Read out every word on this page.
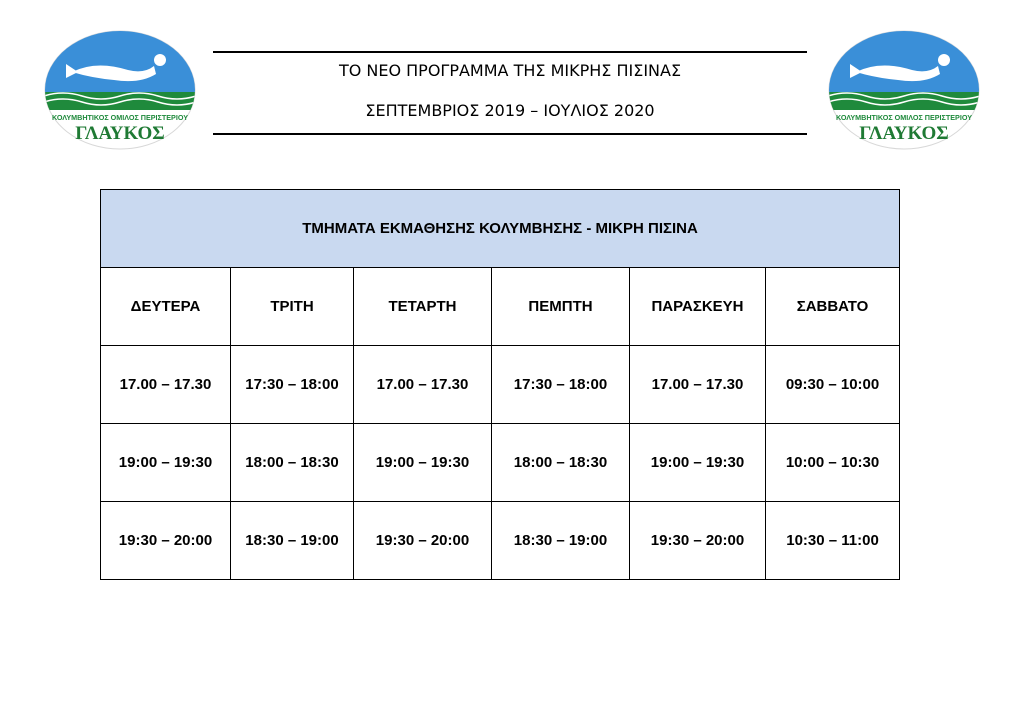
ΚΟΛΥΜΒΗΤΙΚΟΣ ΟΜΙΛΟΣ ΠΕΡΙΣΤΕΡΙΟΥ
ΓΛΑΥΚΟΣ
ΚΟΛΥΜΒΗΤΙΚΟΣ ΟΜΙΛΟΣ ΠΕΡΙΣΤΕΡΙΟΥ
ΓΛΑΥΚΟΣ
ΤΟ ΝΕΟ ΠΡΟΓΡΑΜΜΑ ΤΗΣ ΜΙΚΡΗΣ ΠΙΣΙΝΑΣ
ΣΕΠΤΕΜΒΡΙΟΣ 2019 – ΙΟΥΛΙΟΣ 2020
ΤΜΗΜΑΤΑ ΕΚΜΑΘΗΣΗΣ ΚΟΛΥΜΒΗΣΗΣ - ΜΙΚΡΗ ΠΙΣΙΝΑ					
ΔΕΥΤΕΡΑ	ΤΡΙΤΗ	ΤΕΤΑΡΤΗ	ΠΕΜΠΤΗ	ΠΑΡΑΣΚΕΥΗ	ΣΑΒΒΑΤΟ
17.00 – 17.30	17:30 – 18:00	17.00 – 17.30	17:30 – 18:00	17.00 – 17.30	09:30 – 10:00
19:00 – 19:30	18:00 – 18:30	19:00 – 19:30	18:00 – 18:30	19:00 – 19:30	10:00 – 10:30
19:30 – 20:00	18:30 – 19:00	19:30 – 20:00	18:30 – 19:00	19:30 – 20:00	10:30 – 11:00
